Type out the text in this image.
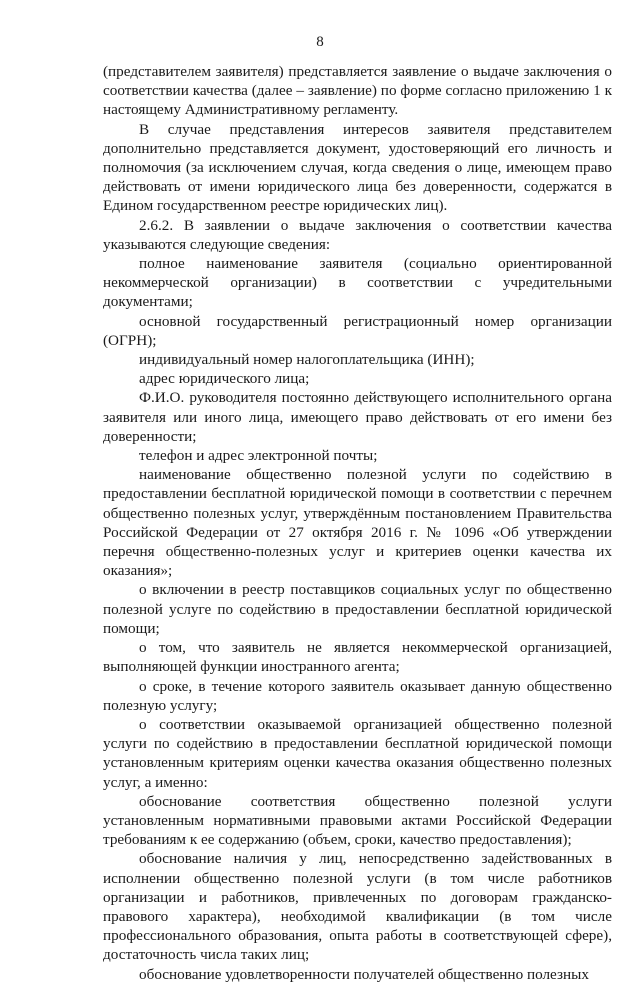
8

(представителем заявителя) представляется заявление о выдаче заключения о соответствии качества (далее – заявление) по форме согласно приложению 1 к настоящему Административному регламенту.

В случае представления интересов заявителя представителем дополнительно представляется документ, удостоверяющий его личность и полномочия (за исключением случая, когда сведения о лице, имеющем право действовать от имени юридического лица без доверенности, содержатся в Едином государственном реестре юридических лиц).

2.6.2. В заявлении о выдаче заключения о соответствии качества указываются следующие сведения:

полное наименование заявителя (социально ориентированной некоммерческой организации) в соответствии с учредительными документами;

основной государственный регистрационный номер организации (ОГРН);

индивидуальный номер налогоплательщика (ИНН);

адрес юридического лица;

Ф.И.О. руководителя постоянно действующего исполнительного органа заявителя или иного лица, имеющего право действовать от его имени без доверенности;

телефон и адрес электронной почты;

наименование общественно полезной услуги по содействию в предоставлении бесплатной юридической помощи в соответствии с перечнем общественно полезных услуг, утверждённым постановлением Правительства Российской Федерации от 27 октября 2016 г. № 1096 «Об утверждении перечня общественно-полезных услуг и критериев оценки качества их оказания»;

о включении в реестр поставщиков социальных услуг по общественно полезной услуге по содействию в предоставлении бесплатной юридической помощи;

о том, что заявитель не является некоммерческой организацией, выполняющей функции иностранного агента;

о сроке, в течение которого заявитель оказывает данную общественно полезную услугу;

о соответствии оказываемой организацией общественно полезной услуги по содействию в предоставлении бесплатной юридической помощи установленным критериям оценки качества оказания общественно полезных услуг, а именно:

обоснование соответствия общественно полезной услуги установленным нормативными правовыми актами Российской Федерации требованиям к ее содержанию (объем, сроки, качество предоставления);

обоснование наличия у лиц, непосредственно задействованных в исполнении общественно полезной услуги (в том числе работников организации и работников, привлеченных по договорам гражданско-правового характера), необходимой квалификации (в том числе профессионального образования, опыта работы в соответствующей сфере), достаточность числа таких лиц;

обоснование удовлетворенности получателей общественно полезных
